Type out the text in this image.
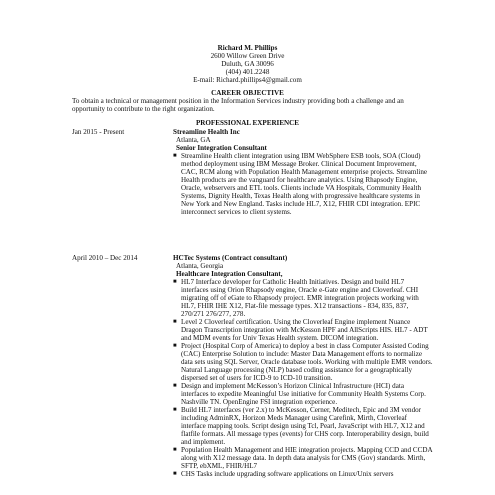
Richard M. Phillips
2600 Willow Green Drive
Duluth, GA 30096
(404) 401.2248
E-mail: Richard.phillips4@gmail.com
CAREER OBJECTIVE
To obtain a technical or management position in the Information Services industry providing both a challenge and an opportunity to contribute to the right organization.
PROFESSIONAL EXPERIENCE
Jan 2015 - Present	Streamline Health Inc
Atlanta, GA
Senior Integration Consultant
■ Streamline Health client integration using IBM WebSphere ESB tools, SOA (Cloud) method deployment using IBM Message Broker. Clinical Document Improvement, CAC, RCM along with Population Health Management enterprise projects. Streamline Health products are the vanguard for healthcare analytics. Using Rhapsody Engine, Oracle, webservers and ETL tools. Clients include VA Hospitals, Community Health Systems, Dignity Health, Texas Health along with progressive healthcare systems in New York and New England. Tasks include HL7, X12, FHIR CDI integration. EPIC interconnect services to client systems.
April 2010 – Dec 2014	HCTec Systems (Contract consultant)
Atlanta, Georgia
Healthcare Integration Consultant,
■ HL7 Interface developer for Catholic Health Initiatives. Design and build HL7 interfaces using Orion Rhapsody engine, Oracle e-Gate engine and Cloverleaf. CHI migrating off of eGate to Rhapsody project. EMR integration projects working with HL7, FHIR IHE X12, Flat-file message types. X12 transactions - 834, 835, 837, 270/271 276/277, 278.
■ Level 2 Cloverleaf certification. Using the Cloverleaf Engine implement Nuance Dragon Transcription integration with McKesson HPF and AllScripts HIS. HL7 - ADT and MDM events for Univ Texas Health system. DICOM integration.
■ Project (Hospital Corp of America) to deploy a best in class Computer Assisted Coding (CAC) Enterprise Solution to include: Master Data Management efforts to normalize data sets using SQL Server, Oracle database tools. Working with multiple EMR vendors. Natural Language processing (NLP) based coding assistance for a geographically dispersed set of users for ICD-9 to ICD-10 transition.
■ Design and implement McKesson’s Horizon Clinical Infrastructure (HCI) data interfaces to expedite Meaningful Use initiative for Community Health Systems Corp. Nashville TN. OpenEngine FSI integration experience.
■ Build HL7 interfaces (ver 2.x) to McKesson, Cerner, Meditech, Epic and 3M vendor including AdminRX, Horizon Meds Manager using Carefink, Mirth, Cloverleaf interface mapping tools. Script design using Tcl, Pearl, JavaScript with HL7, X12 and flatfile formats. All message types (events) for CHS corp. Interoperability design, build and implement.
■ Population Health Management and HIE integration projects. Mapping CCD and CCDA along with X12 message data. In depth data analysis for CMS (Gov) standards. Mirth, SFTP, ebXML, FHIR/HL7
■ CHS Tasks include upgrading software applications on Linux/Unix servers
